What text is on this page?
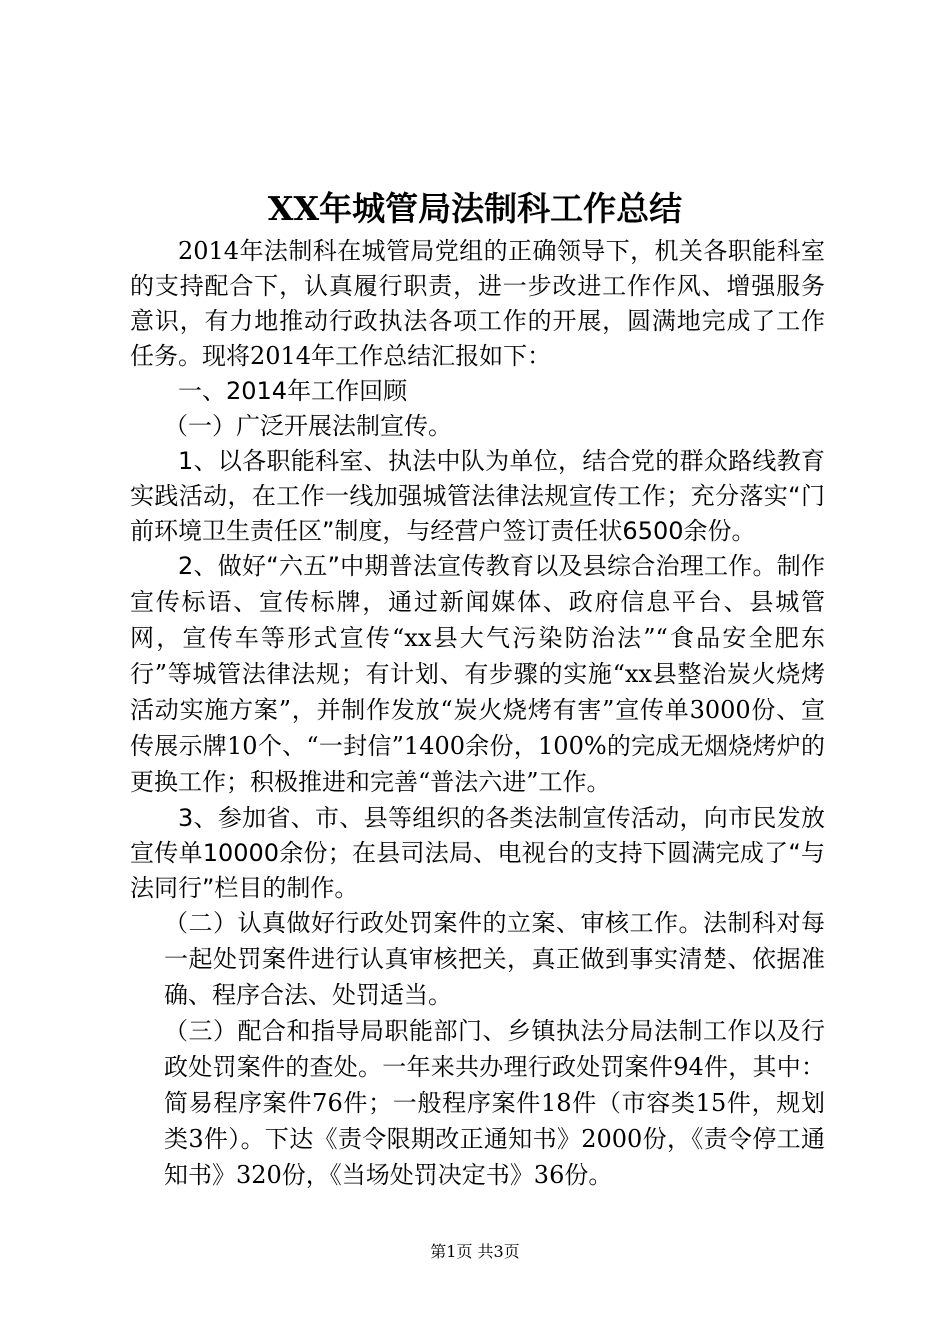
XX年城管局法制科工作总结

2014年法制科在城管局党组的正确领导下，机关各职能科室的支持配合下，认真履行职责，进一步改进工作作风、增强服务意识，有力地推动行政执法各项工作的开展，圆满地完成了工作任务。现将2014年工作总结汇报如下：

一、2014年工作回顾

（一）广泛开展法制宣传。

1、以各职能科室、执法中队为单位，结合党的群众路线教育实践活动，在工作一线加强城管法律法规宣传工作；充分落实“门前环境卫生责任区”制度，与经营户签订责任状6500余份。

2、做好“六五”中期普法宣传教育以及县综合治理工作。制作宣传标语、宣传标牌，通过新闻媒体、政府信息平台、县城管网，宣传车等形式宣传“xx县大气污染防治法”“食品安全肥东行”等城管法律法规；有计划、有步骤的实施“xx县整治炭火烧烤活动实施方案”，并制作发放“炭火烧烤有害”宣传单3000份、宣传展示牌10个、“一封信”1400余份，100%的完成无烟烧烤炉的更换工作；积极推进和完善“普法六进”工作。

3、参加省、市、县等组织的各类法制宣传活动，向市民发放宣传单10000余份；在县司法局、电视台的支持下圆满完成了“与法同行”栏目的制作。

（二）认真做好行政处罚案件的立案、审核工作。法制科对每一起处罚案件进行认真审核把关，真正做到事实清楚、依据准确、程序合法、处罚适当。

（三）配合和指导局职能部门、乡镇执法分局法制工作以及行政处罚案件的查处。一年来共办理行政处罚案件94件，其中：简易程序案件76件；一般程序案件18件（市容类15件，规划类3件）。下达《责令限期改正通知书》2000份，《责令停工通知书》320份，《当场处罚决定书》36份。

第1页 共3页
